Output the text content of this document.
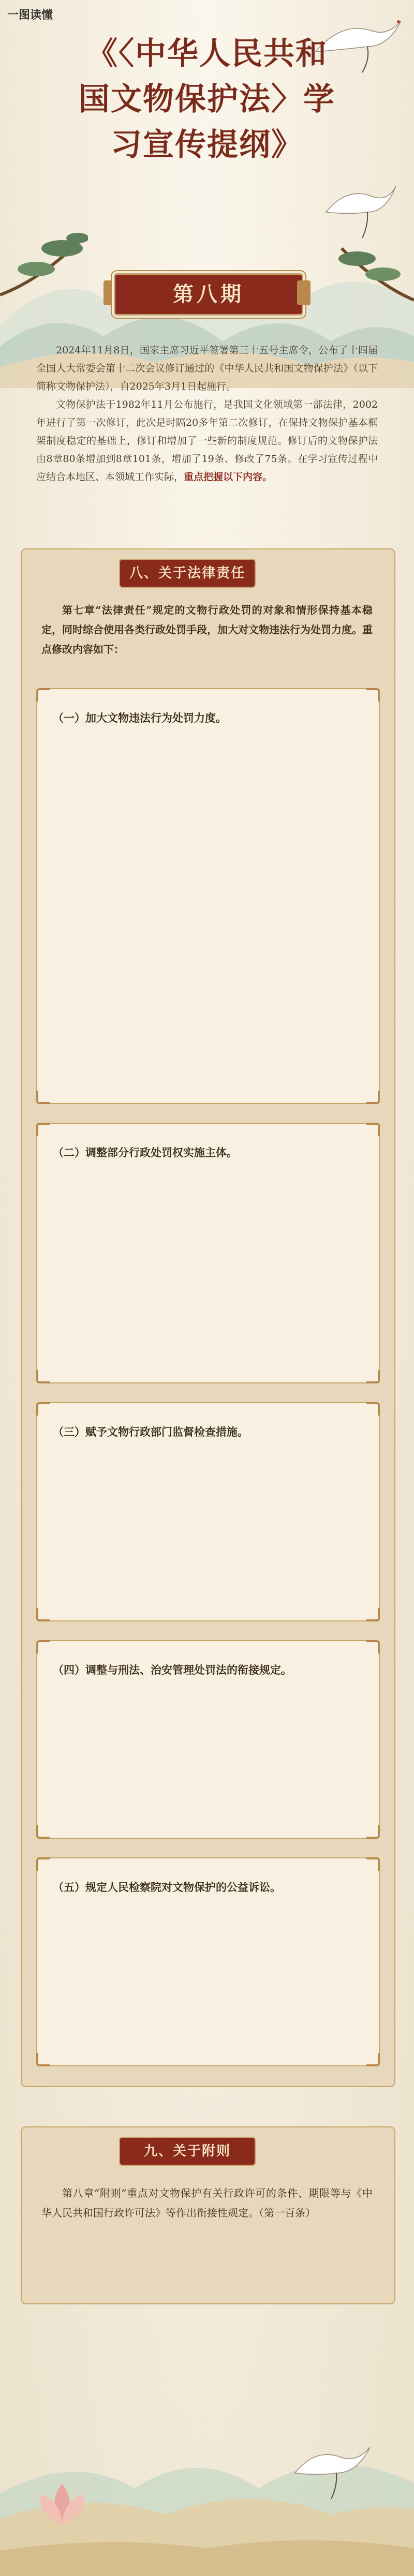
一图读懂
《〈中华人民共和
国文物保护法〉学
习宣传提纲》
第八期

2024年11月8日，国家主席习近平签署第三十五号主席令，公布了十四届全国人大常委会第十二次会议修订通过的《中华人民共和国文物保护法》（以下简称文物保护法），自2025年3月1日起施行。

文物保护法于1982年11月公布施行，是我国文化领域第一部法律，2002年进行了第一次修订，此次是时隔20多年第二次修订，在保持文物保护基本框架制度稳定的基础上，修订和增加了一些新的制度规范。修订后的文物保护法由8章80条增加到8章101条，增加了19条、修改了75条。在学习宣传过程中应结合本地区、本领域工作实际，重点把握以下内容。

八、关于法律责任
第七章“法律责任”规定的文物行政处罚的对象和情形保持基本稳定，同时综合使用各类行政处罚手段，加大对文物违法行为处罚力度。重点修改内容如下：
（一）加大文物违法行为处罚力度。

（二）调整部分行政处罚权实施主体。

（三）赋予文物行政部门监督检查措施。

（四）调整与刑法、治安管理处罚法的衔接规定。

（五）规定人民检察院对文物保护的公益诉讼。

九、关于附则
第八章“附则”重点对文物保护有关行政许可的条件、期限等与《中华人民共和国行政许可法》等作出衔接性规定。（第一百条）
